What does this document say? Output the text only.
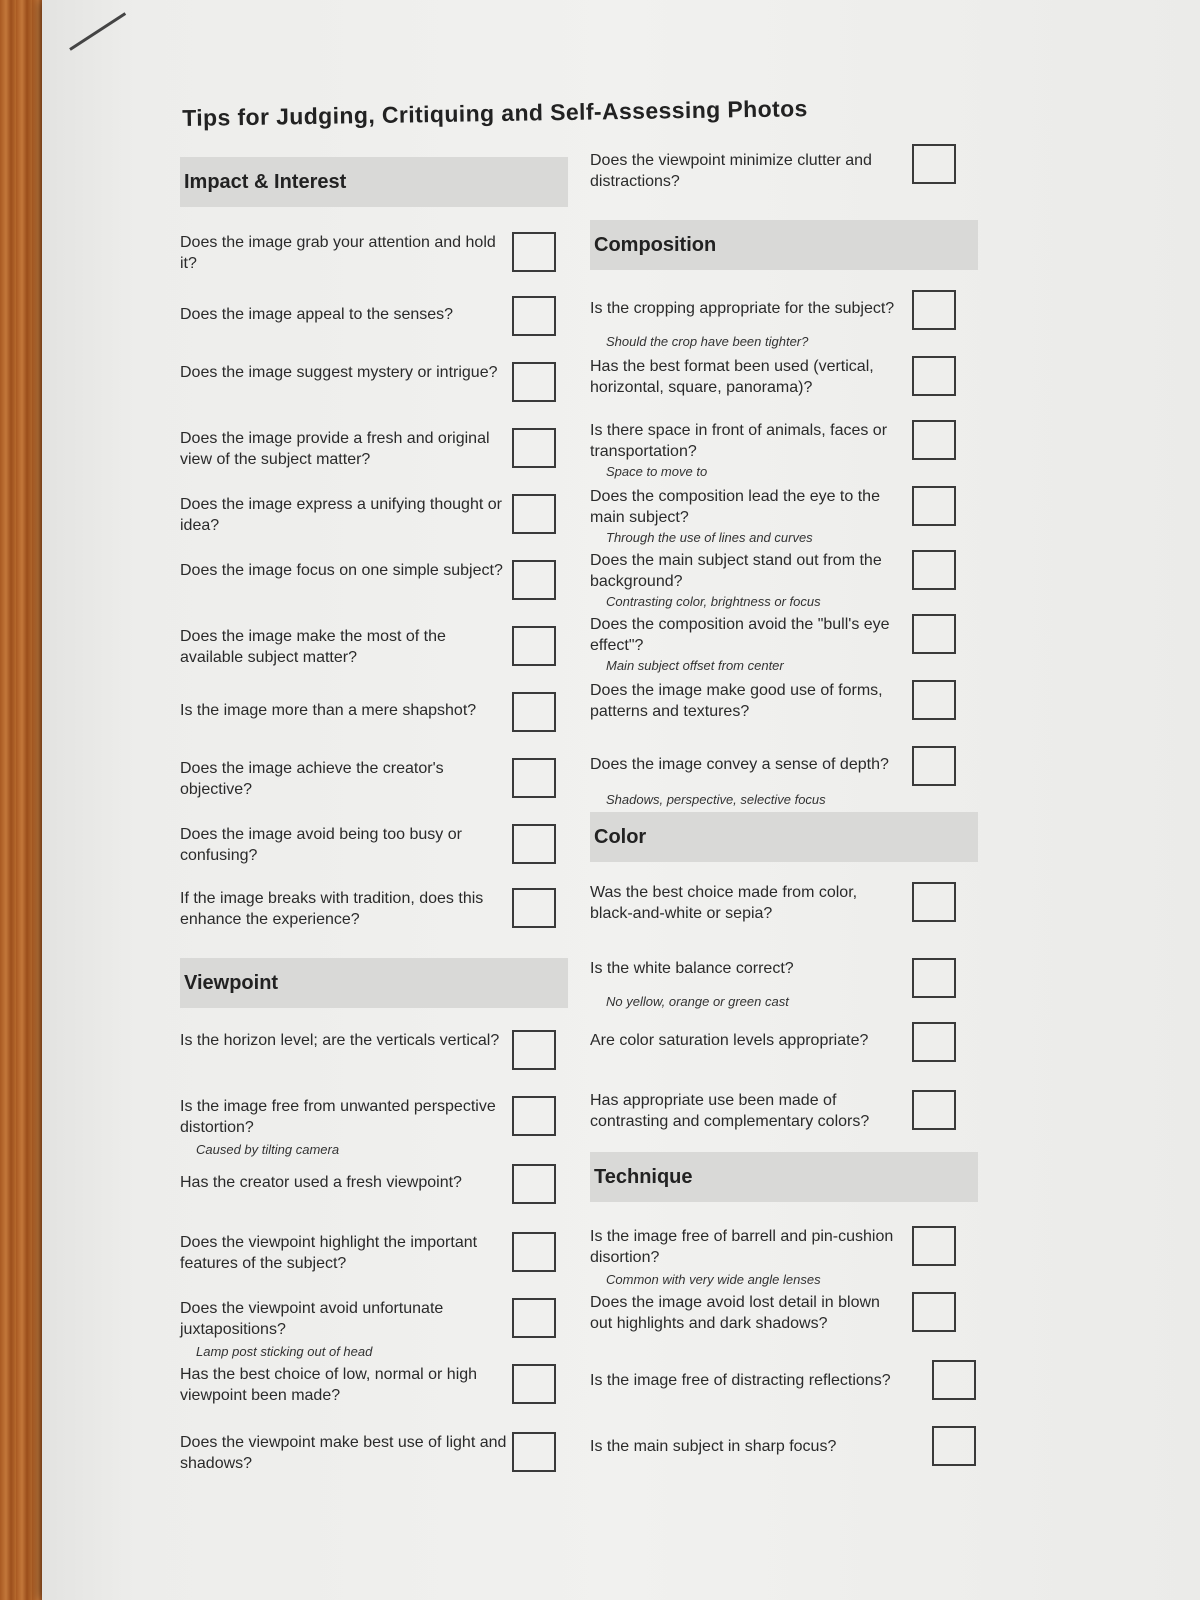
Tips for Judging, Critiquing and Self-Assessing Photos
Impact & Interest
Does the image grab your attention and hold it?
Does the image appeal to the senses?
Does the image suggest mystery or intrigue?
Does the image provide a fresh and original view of the subject matter?
Does the image express a unifying thought or idea?
Does the image focus on one simple subject?
Does the image make the most of the available subject matter?
Is the image more than a mere shapshot?
Does the image achieve the creator's objective?
Does the image avoid being too busy or confusing?
If the image breaks with tradition, does this enhance the experience?
Viewpoint
Is the horizon level; are the verticals vertical?
Is the image free from unwanted perspective distortion?
Caused by tilting camera
Has the creator used a fresh viewpoint?
Does the viewpoint highlight the important features of the subject?
Does the viewpoint avoid unfortunate juxtapositions?
Lamp post sticking out of head
Has the best choice of low, normal or high viewpoint been made?
Does the viewpoint make best use of light and shadows?
Does the viewpoint minimize clutter and distractions?
Composition
Is the cropping appropriate for the subject?
Should the crop have been tighter?
Has the best format been used (vertical, horizontal, square, panorama)?
Is there space in front of animals, faces or transportation?
Space to move to
Does the composition lead the eye to the main subject?
Through the use of lines and curves
Does the main subject stand out from the background?
Contrasting color, brightness or focus
Does the composition avoid the "bull's eye effect"?
Main subject offset from center
Does the image make good use of forms, patterns and textures?
Does the image convey a sense of depth?
Shadows, perspective, selective focus
Color
Was the best choice made from color, black-and-white or sepia?
Is the white balance correct?
No yellow, orange or green cast
Are color saturation levels appropriate?
Has appropriate use been made of contrasting and complementary colors?
Technique
Is the image free of barrell and pin-cushion disortion?
Common with very wide angle lenses
Does the image avoid lost detail in blown out highlights and dark shadows?
Is the image free of distracting reflections?
Is the main subject in sharp focus?
